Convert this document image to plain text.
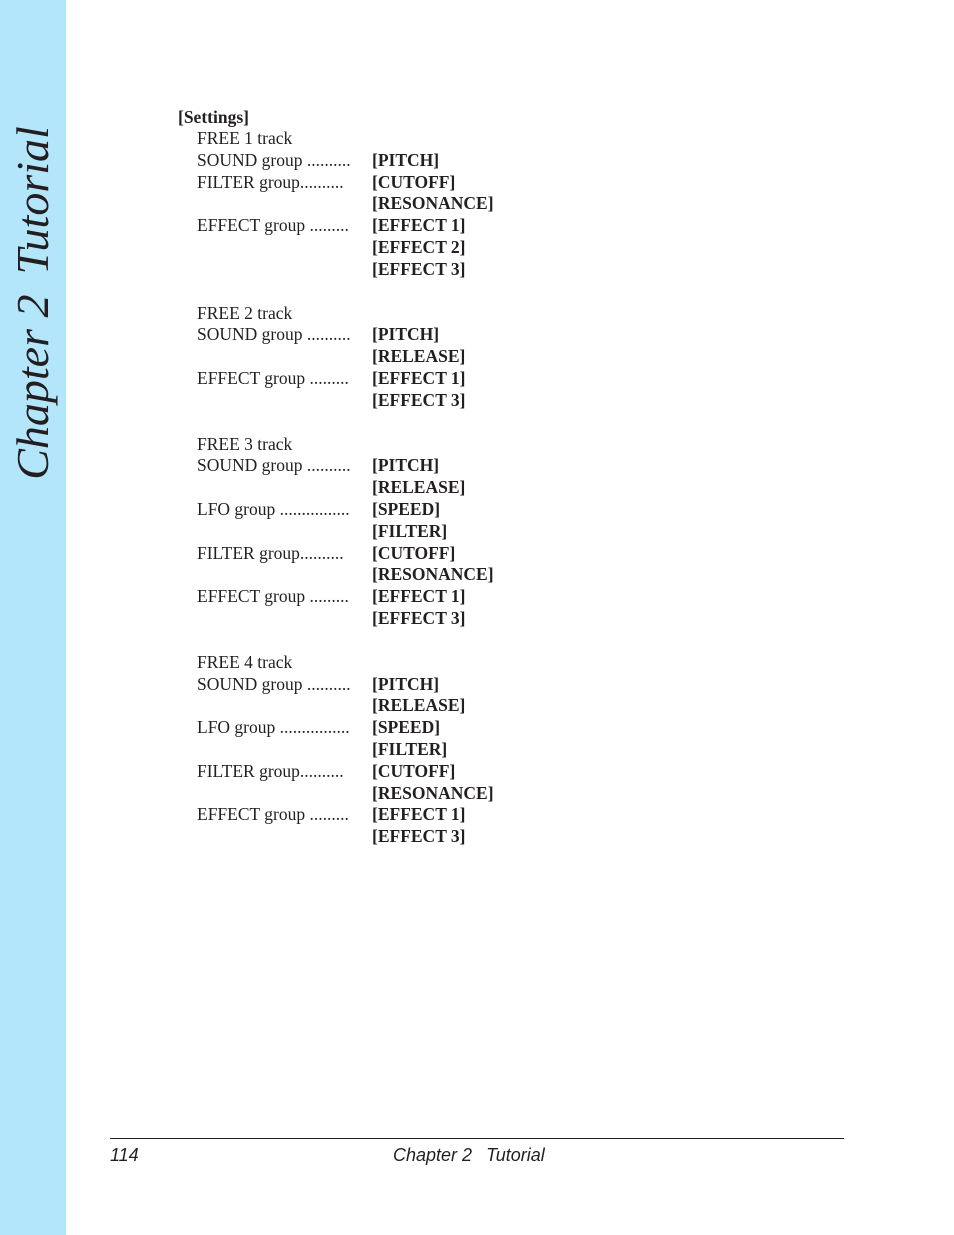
Chapter 2Tutorial
[Settings]
FREE 1 track
SOUND group ..........	[PITCH]
FILTER group..........	[CUTOFF]
[RESONANCE]
EFFECT group .........	[EFFECT 1]
[EFFECT 2]
[EFFECT 3]
FREE 2 track
SOUND group ..........	[PITCH]
[RELEASE]
EFFECT group .........	[EFFECT 1]
[EFFECT 3]
FREE 3 track
SOUND group ..........	[PITCH]
[RELEASE]
LFO group ................	[SPEED]
[FILTER]
FILTER group..........	[CUTOFF]
[RESONANCE]
EFFECT group .........	[EFFECT 1]
[EFFECT 3]
FREE 4 track
SOUND group ..........	[PITCH]
[RELEASE]
LFO group ................	[SPEED]
[FILTER]
FILTER group..........	[CUTOFF]
[RESONANCE]
EFFECT group .........	[EFFECT 1]
[EFFECT 3]
114	Chapter 2 Tutorial
